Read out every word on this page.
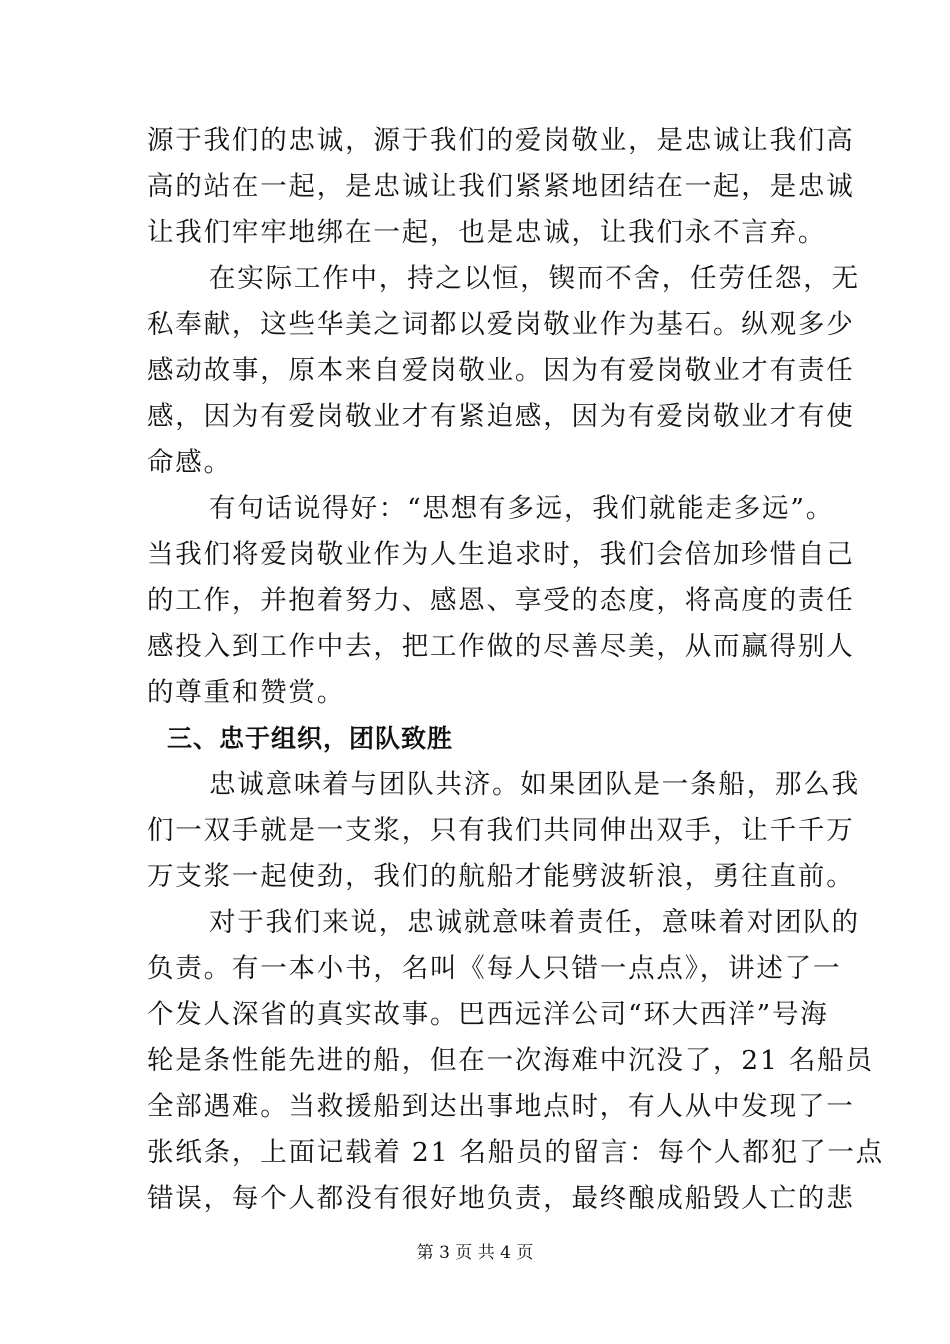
源于我们的忠诚，源于我们的爱岗敬业，是忠诚让我们高
高的站在一起，是忠诚让我们紧紧地团结在一起，是忠诚
让我们牢牢地绑在一起，也是忠诚，让我们永不言弃。
在实际工作中，持之以恒，锲而不舍，任劳任怨，无
私奉献，这些华美之词都以爱岗敬业作为基石。纵观多少
感动故事，原本来自爱岗敬业。因为有爱岗敬业才有责任
感，因为有爱岗敬业才有紧迫感，因为有爱岗敬业才有使
命感。
有句话说得好：“思想有多远，我们就能走多远”。
当我们将爱岗敬业作为人生追求时，我们会倍加珍惜自己
的工作，并抱着努力、感恩、享受的态度，将高度的责任
感投入到工作中去，把工作做的尽善尽美，从而赢得别人
的尊重和赞赏。
三、忠于组织，团队致胜
忠诚意味着与团队共济。如果团队是一条船，那么我
们一双手就是一支浆，只有我们共同伸出双手，让千千万
万支浆一起使劲，我们的航船才能劈波斩浪，勇往直前。
对于我们来说，忠诚就意味着责任，意味着对团队的
负责。有一本小书，名叫《每人只错一点点》，讲述了一
个发人深省的真实故事。巴西远洋公司“环大西洋”号海
轮是条性能先进的船，但在一次海难中沉没了，21 名船员
全部遇难。当救援船到达出事地点时，有人从中发现了一
张纸条，上面记载着 21 名船员的留言：每个人都犯了一点
错误，每个人都没有很好地负责，最终酿成船毁人亡的悲
第 3 页 共 4 页
